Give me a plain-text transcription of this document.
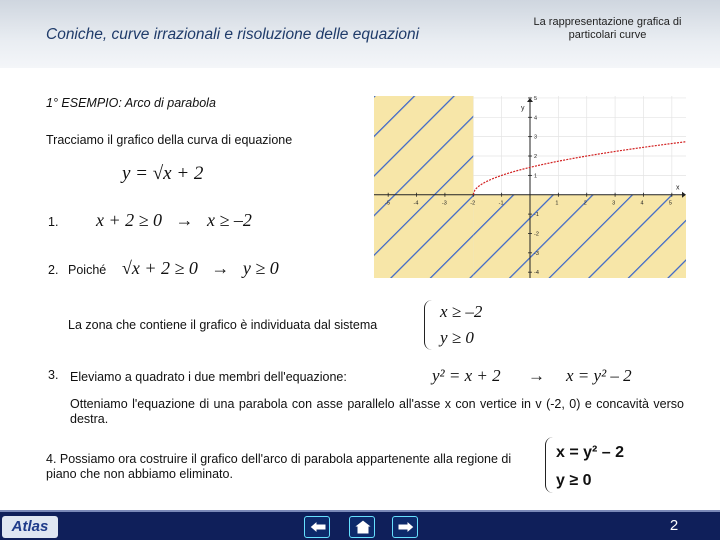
Coniche, curve irrazionali e risoluzione delle equazioni
La rappresentazione grafica di particolari curve
1° ESEMPIO: Arco di parabola
Tracciamo il grafico della curva di equazione
y = √x + 2
1. x + 2 ≥ 0   →   x ≥ –2
2. Poiché √x + 2 ≥ 0   →   y ≥ 0
La zona che contiene il grafico è individuata dal sistema
x ≥ –2
y ≥ 0
3. Eleviamo a quadrato i due membri dell'equazione:	y² = x + 2 → x = y² – 2
Otteniamo l'equazione di una parabola con asse parallelo all'asse x con vertice in v (-2, 0) e concavità verso destra.
4. Possiamo ora costruire il grafico dell'arco di parabola appartenente alla regione di piano che non abbiamo eliminato.
x = y² – 2
y ≥ 0
x
y
-5	-4	-3	-2	-1	1	2	3	4	5
-4
-3
-2
-1
1
2
3
4
5
Atlas	2
